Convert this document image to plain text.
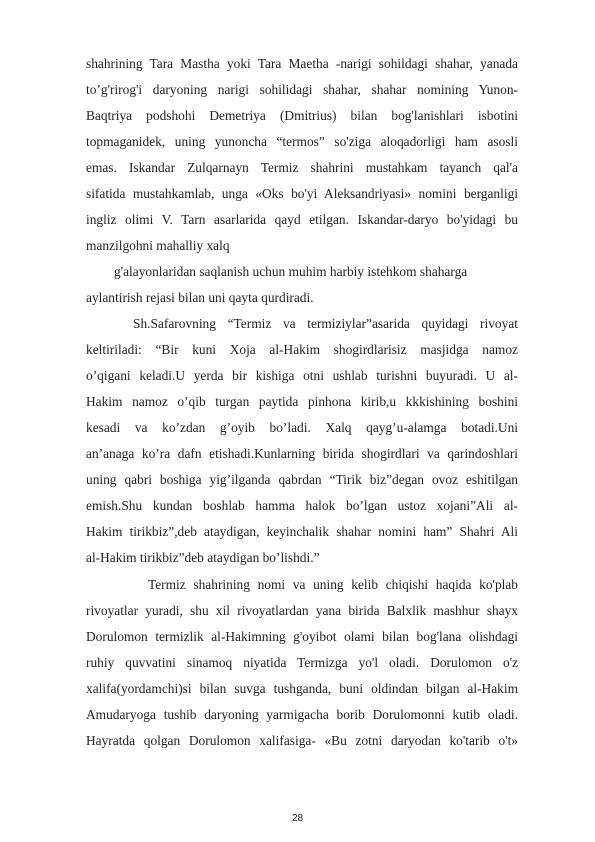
shahrining Tara Mastha yoki Tara Maetha -narigi sohildagi shahar, yanada
to’g'rirog'i daryoning narigi sohilidagi shahar, shahar nomining Yunon-
Baqtriya podshohi Demetriya (Dmitrius) bilan bog'lanishlari isbotini
topmaganidek, uning yunoncha “termos” so'ziga aloqadorligi ham asosli
emas. Iskandar Zulqarnayn Termiz shahrini mustahkam tayanch qal'a
sifatida mustahkamlab, unga «Oks bo'yi Aleksandriyasi» nomini berganligi
ingliz olimi V. Tarn asarlarida qayd etilgan. Iskandar-daryo bo'yidagi bu
manzilgohni mahalliy xalq
g'alayonlaridan saqlanish uchun muhim harbiy istehkom shaharga
aylantirish rejasi bilan uni qayta qurdiradi.
Sh.Safarovning “Termiz va termiziylar”asarida quyidagi rivoyat
keltiriladi: “Bir kuni Xoja al-Hakim shogirdlarisiz masjidga namoz
o’qigani keladi.U yerda bir kishiga otni ushlab turishni buyuradi. U al-
Hakim namoz o’qib turgan paytida pinhona kirib,u kkkishining boshini
kesadi va ko’zdan g’oyib bo’ladi. Xalq qayg’u-alamga botadi.Uni
an’anaga ko’ra dafn etishadi.Kunlarning birida shogirdlari va qarindoshlari
uning qabri boshiga yig’ilganda qabrdan “Tirik biz”degan ovoz eshitilgan
emish.Shu kundan boshlab hamma halok bo’lgan ustoz xojani”Ali al-
Hakim tirikbiz”,deb ataydigan, keyinchalik shahar nomini ham” Shahri Ali
al-Hakim tirikbiz”deb ataydigan bo’lishdi.”
Termiz shahrining nomi va uning kelib chiqishi haqida ko'plab
rivoyatlar yuradi, shu xil rivoyatlardan yana birida Balxlik mashhur shayx
Dorulomon termizlik al-Hakimning g'oyibot olami bilan bog'lana olishdagi
ruhiy quvvatini sinamoq niyatida Termizga yo'l oladi. Dorulomon o'z
xalifa(yordamchi)si bilan suvga tushganda, buni oldindan bilgan al-Hakim
Amudaryoga tushib daryoning yarmigacha borib Dorulomonni kutib oladi.
Hayratda qolgan Dorulomon xalifasiga- «Bu zotni daryodan ko'tarib o't»
28
